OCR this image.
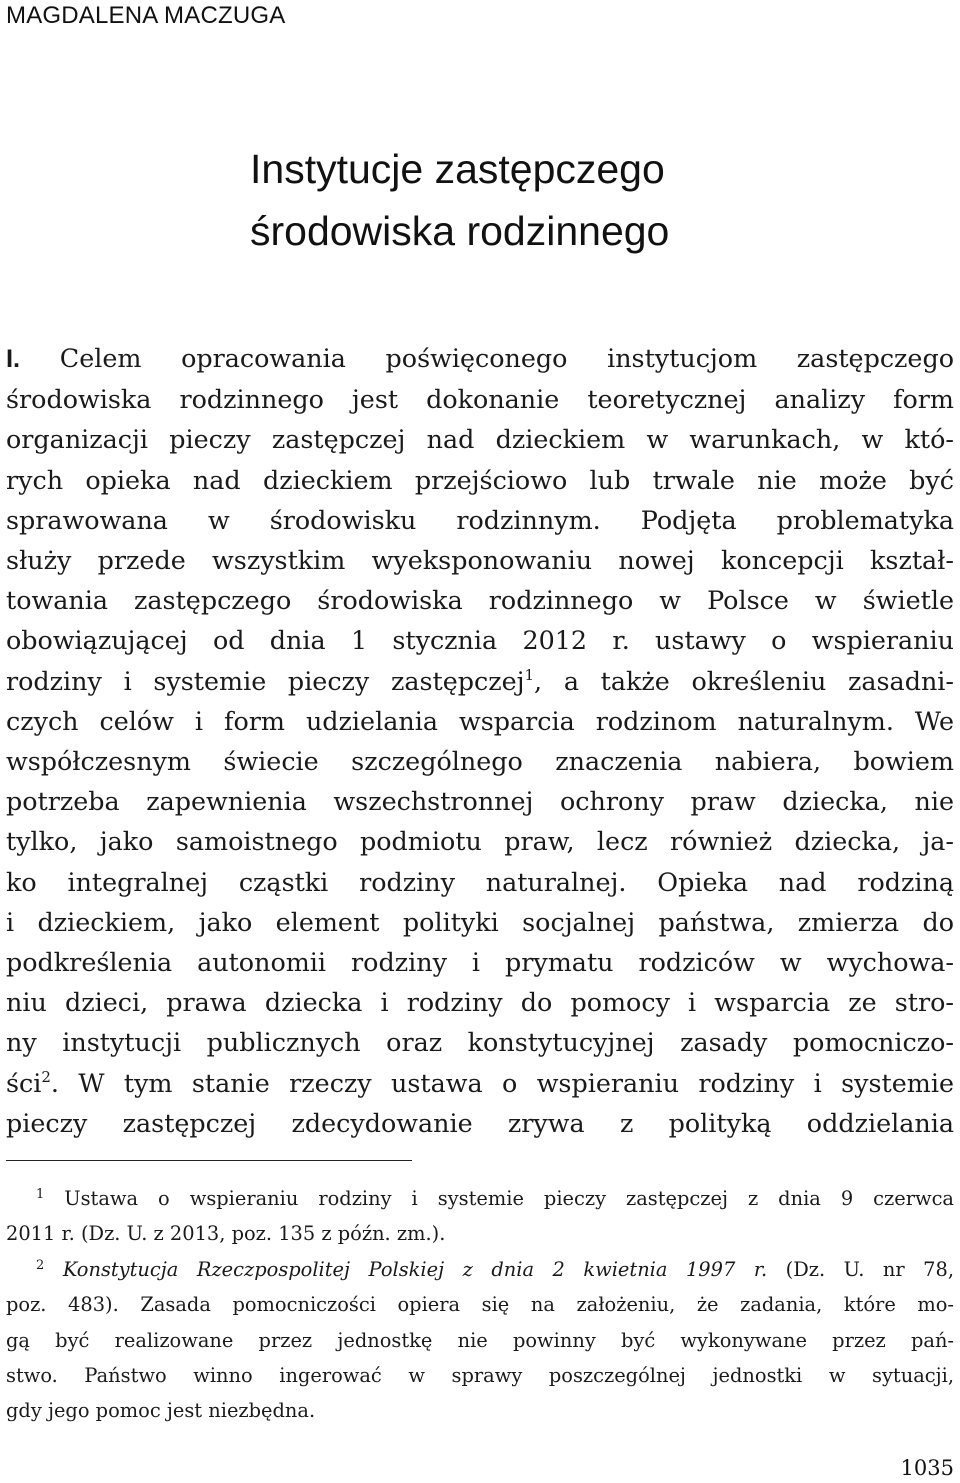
MAGDALENA MACZUGA
Instytucje zastępczego
środowiska rodzinnego
I. Celem opracowania poświęconego instytucjom zastępczego
środowiska rodzinnego jest dokonanie teoretycznej analizy form
organizacji pieczy zastępczej nad dzieckiem w warunkach, w któ-
rych opieka nad dzieckiem przejściowo lub trwale nie może być
sprawowana w środowisku rodzinnym. Podjęta problematyka
służy przede wszystkim wyeksponowaniu nowej koncepcji kształ-
towania zastępczego środowiska rodzinnego w Polsce w świetle
obowiązującej od dnia 1 stycznia 2012 r. ustawy o wspieraniu
rodziny i systemie pieczy zastępczej$^1$, a także określeniu zasadni-
czych celów i form udzielania wsparcia rodzinom naturalnym. We
współczesnym świecie szczególnego znaczenia nabiera, bowiem
potrzeba zapewnienia wszechstronnej ochrony praw dziecka, nie
tylko, jako samoistnego podmiotu praw, lecz również dziecka, ja-
ko integralnej cząstki rodziny naturalnej. Opieka nad rodziną
i dzieckiem, jako element polityki socjalnej państwa, zmierza do
podkreślenia autonomii rodziny i prymatu rodziców w wychowa-
niu dzieci, prawa dziecka i rodziny do pomocy i wsparcia ze stro-
ny instytucji publicznych oraz konstytucyjnej zasady pomocniczo-
ści$^2$. W tym stanie rzeczy ustawa o wspieraniu rodziny i systemie
pieczy zastępczej zdecydowanie zrywa z polityką oddzielania
$^1$ Ustawa o wspieraniu rodziny i systemie pieczy zastępczej z dnia 9 czerwca
2011 r. (Dz. U. z 2013, poz. 135 z późn. zm.).
$^2$ Konstytucja Rzeczpospolitej Polskiej z dnia 2 kwietnia 1997 r. (Dz. U. nr 78,
poz. 483). Zasada pomocniczości opiera się na założeniu, że zadania, które mo-
gą być realizowane przez jednostkę nie powinny być wykonywane przez pań-
stwo. Państwo winno ingerować w sprawy poszczególnej jednostki w sytuacji,
gdy jego pomoc jest niezbędna.
1035
